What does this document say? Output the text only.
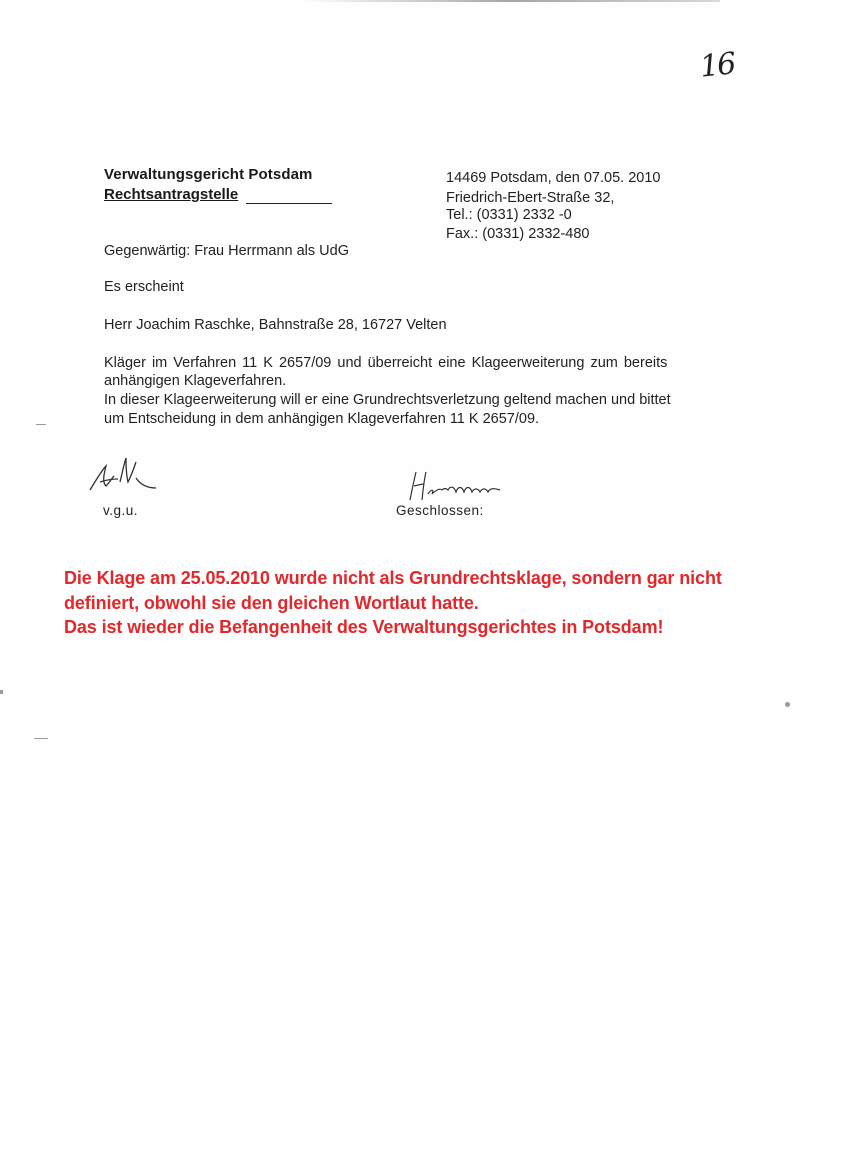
16
Verwaltungsgericht Potsdam
Rechtsantragstelle
14469 Potsdam, den 07.05. 2010
Friedrich-Ebert-Straße 32,
Tel.: (0331) 2332 -0
Fax.: (0331) 2332-480
Gegenwärtig: Frau Herrmann als UdG
Es erscheint
Herr Joachim Raschke, Bahnstraße 28, 16727 Velten
Kläger im Verfahren 11 K 2657/09 und überreicht eine Klageerweiterung zum bereits
anhängigen Klageverfahren.
In dieser Klageerweiterung will er eine Grundrechtsverletzung geltend machen und bittet
um Entscheidung in dem anhängigen Klageverfahren 11 K 2657/09.
v.g.u.	Geschlossen:
Die Klage am 25.05.2010 wurde nicht als Grundrechtsklage, sondern gar nicht
definiert, obwohl sie den gleichen Wortlaut hatte.
Das ist wieder die Befangenheit des Verwaltungsgerichtes in Potsdam!
